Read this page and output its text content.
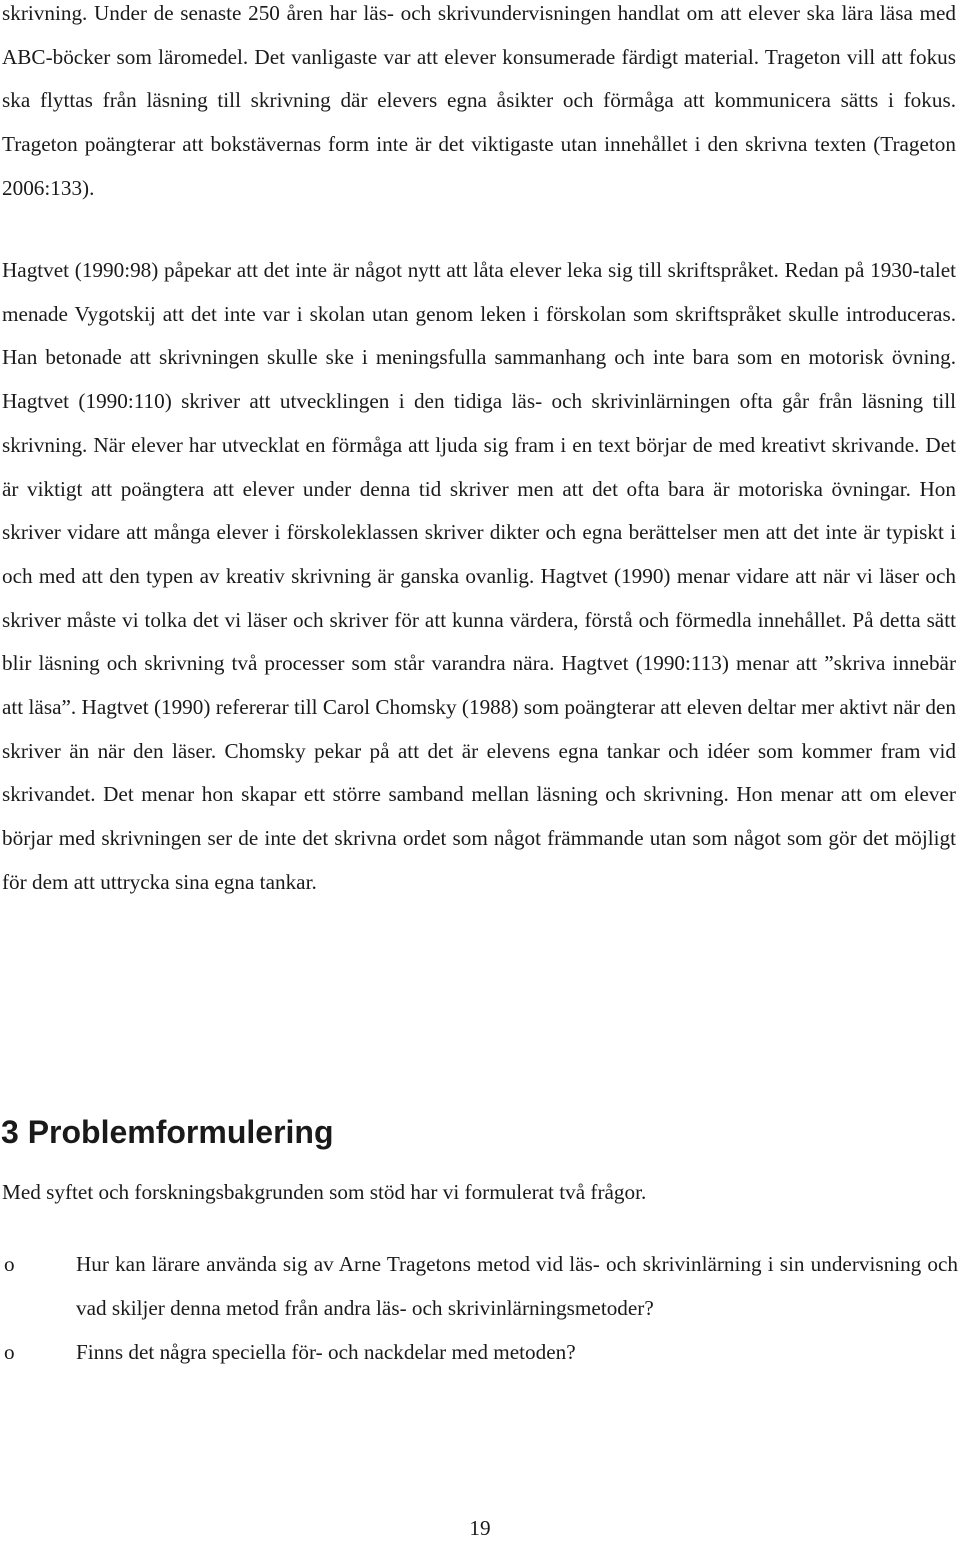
skrivning. Under de senaste 250 åren har läs- och skrivundervisningen handlat om att elever ska lära läsa med ABC-böcker som läromedel. Det vanligaste var att elever konsumerade färdigt material. Trageton vill att fokus ska flyttas från läsning till skrivning där elevers egna åsikter och förmåga att kommunicera sätts i fokus. Trageton poängterar att bokstävernas form inte är det viktigaste utan innehållet i den skrivna texten (Trageton 2006:133).

Hagtvet (1990:98) påpekar att det inte är något nytt att låta elever leka sig till skriftspråket. Redan på 1930-talet menade Vygotskij att det inte var i skolan utan genom leken i förskolan som skriftspråket skulle introduceras. Han betonade att skrivningen skulle ske i meningsfulla sammanhang och inte bara som en motorisk övning. Hagtvet (1990:110) skriver att utvecklingen i den tidiga läs- och skrivinlärningen ofta går från läsning till skrivning. När elever har utvecklat en förmåga att ljuda sig fram i en text börjar de med kreativt skrivande. Det är viktigt att poängtera att elever under denna tid skriver men att det ofta bara är motoriska övningar. Hon skriver vidare att många elever i förskoleklassen skriver dikter och egna berättelser men att det inte är typiskt i och med att den typen av kreativ skrivning är ganska ovanlig. Hagtvet (1990) menar vidare att när vi läser och skriver måste vi tolka det vi läser och skriver för att kunna värdera, förstå och förmedla innehållet. På detta sätt blir läsning och skrivning två processer som står varandra nära. Hagtvet (1990:113) menar att ”skriva innebär att läsa”. Hagtvet (1990) refererar till Carol Chomsky (1988) som poängterar att eleven deltar mer aktivt när den skriver än när den läser. Chomsky pekar på att det är elevens egna tankar och idéer som kommer fram vid skrivandet. Det menar hon skapar ett större samband mellan läsning och skrivning. Hon menar att om elever börjar med skrivningen ser de inte det skrivna ordet som något främmande utan som något som gör det möjligt för dem att uttrycka sina egna tankar.

3 Problemformulering

Med syftet och forskningsbakgrunden som stöd har vi formulerat två frågor.

o	Hur kan lärare använda sig av Arne Tragetons metod vid läs- och skrivinlärning i sin undervisning och vad skiljer denna metod från andra läs- och skrivinlärningsmetoder?
o	Finns det några speciella för- och nackdelar med metoden?
19
